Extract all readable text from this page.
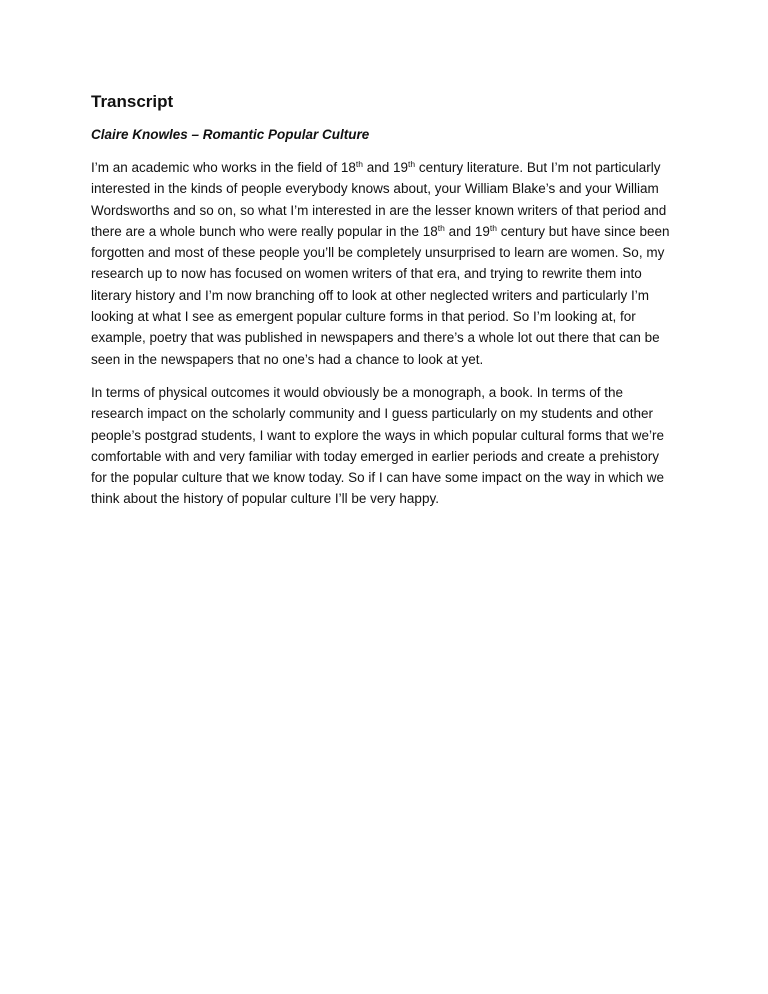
Transcript

Claire Knowles – Romantic Popular Culture

I’m an academic who works in the field of 18th and 19th century literature. But I’m not particularly interested in the kinds of people everybody knows about, your William Blake’s and your William Wordsworths and so on, so what I’m interested in are the lesser known writers of that period and there are a whole bunch who were really popular in the 18th and 19th century but have since been forgotten and most of these people you’ll be completely unsurprised to learn are women. So, my research up to now has focused on women writers of that era, and trying to rewrite them into literary history and I’m now branching off to look at other neglected writers and particularly I’m looking at what I see as emergent popular culture forms in that period. So I’m looking at, for example, poetry that was published in newspapers and there’s a whole lot out there that can be seen in the newspapers that no one’s had a chance to look at yet.

In terms of physical outcomes it would obviously be a monograph, a book. In terms of the research impact on the scholarly community and I guess particularly on my students and other people’s postgrad students, I want to explore the ways in which popular cultural forms that we’re comfortable with and very familiar with today emerged in earlier periods and create a prehistory for the popular culture that we know today. So if I can have some impact on the way in which we think about the history of popular culture I’ll be very happy.
